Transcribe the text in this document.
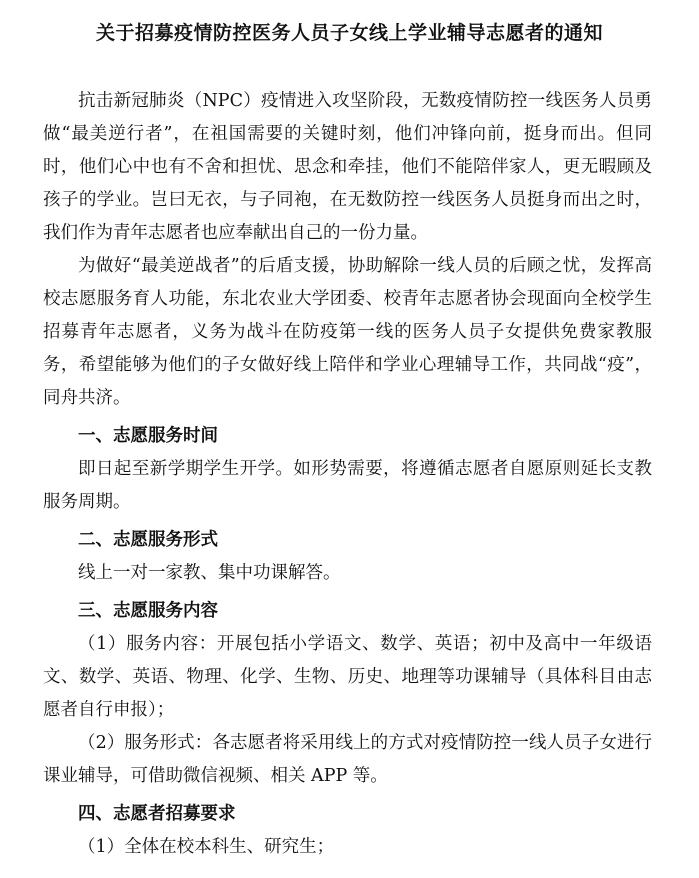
关于招募疫情防控医务人员子女线上学业辅导志愿者的通知

抗击新冠肺炎（NPC）疫情进入攻坚阶段，无数疫情防控一线医务人员勇做“最美逆行者”，在祖国需要的关键时刻，他们冲锋向前，挺身而出。但同时，他们心中也有不舍和担忧、思念和牵挂，他们不能陪伴家人，更无暇顾及孩子的学业。岂曰无衣，与子同袍，在无数防控一线医务人员挺身而出之时，我们作为青年志愿者也应奉献出自己的一份力量。

为做好“最美逆战者”的后盾支援，协助解除一线人员的后顾之忧，发挥高校志愿服务育人功能，东北农业大学团委、校青年志愿者协会现面向全校学生招募青年志愿者，义务为战斗在防疫第一线的医务人员子女提供免费家教服务，希望能够为他们的子女做好线上陪伴和学业心理辅导工作，共同战“疫”，同舟共济。

一、志愿服务时间

即日起至新学期学生开学。如形势需要，将遵循志愿者自愿原则延长支教服务周期。

二、志愿服务形式

线上一对一家教、集中功课解答。

三、志愿服务内容

（1）服务内容：开展包括小学语文、数学、英语；初中及高中一年级语文、数学、英语、物理、化学、生物、历史、地理等功课辅导（具体科目由志愿者自行申报）；

（2）服务形式：各志愿者将采用线上的方式对疫情防控一线人员子女进行课业辅导，可借助微信视频、相关 APP 等。

四、志愿者招募要求

（1）全体在校本科生、研究生；
